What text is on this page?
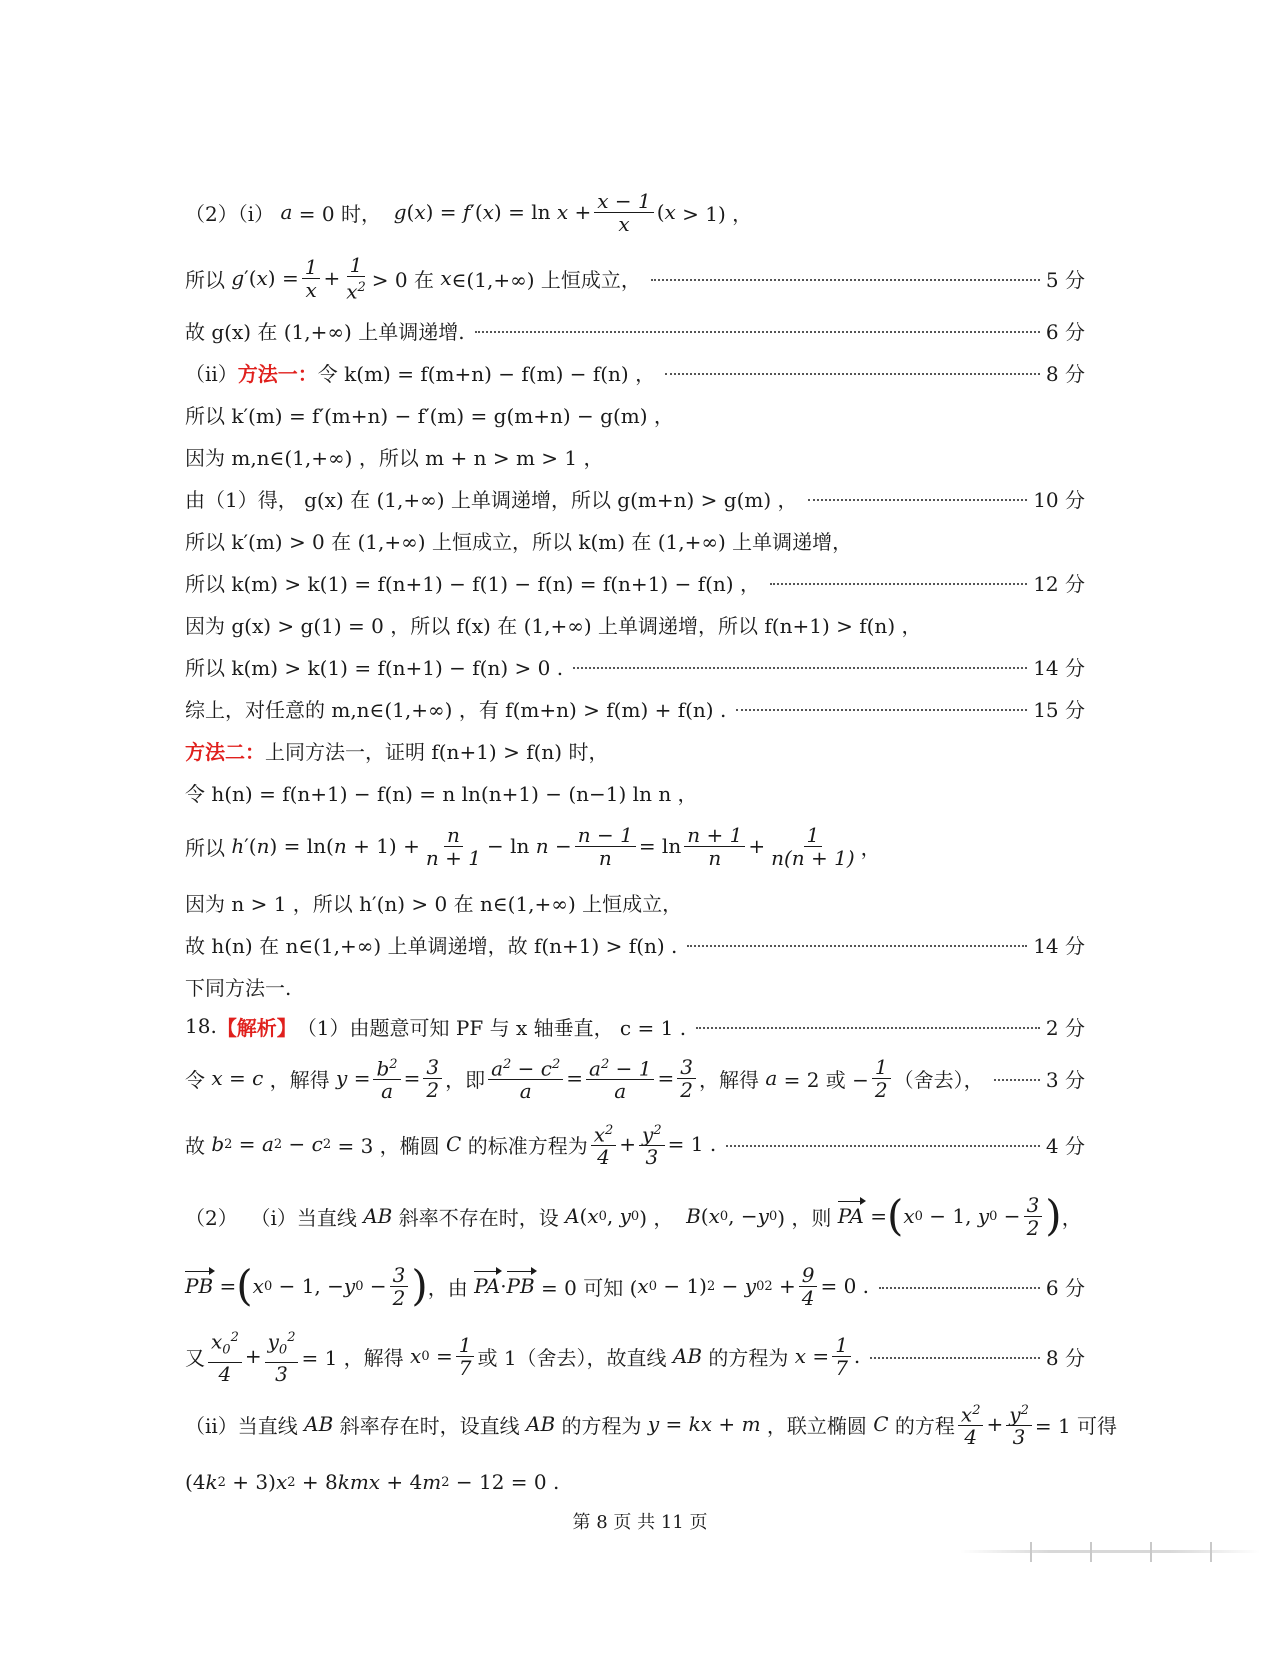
（2）（i） a = 0 时， g ( x ) = f ′( x ) = $\ln x + \frac{x - 1}{x}$ ( x > 1) ，
所以 g ′( x ) = $\frac{1}{x} + \frac{1}{x^2} > 0$ 在 x ∈(1,+∞) 上恒成立，	5 分
故 g(x) 在 (1,+∞) 上单调递增.	6 分
（ii） 方法一： 令 k(m) = f(m+n) − f(m) − f(n) ，	8 分
所以 k′(m) = f′(m+n) − f′(m) = g(m+n) − g(m) ，
因为 m,n∈(1,+∞) ，所以 m + n > m > 1 ，
由（1）得， g(x) 在 (1,+∞) 上单调递增，所以 g(m+n) > g(m) ，	10 分
所以 k′(m) > 0 在 (1,+∞) 上恒成立，所以 k(m) 在 (1,+∞) 上单调递增，
所以 k(m) > k(1) = f(n+1) − f(1) − f(n) = f(n+1) − f(n) ，	12 分
因为 g(x) > g(1) = 0 ，所以 f(x) 在 (1,+∞) 上单调递增，所以 f(n+1) > f(n) ，
所以 k(m) > k(1) = f(n+1) − f(n) > 0 .	14 分
综上，对任意的 m,n∈(1,+∞) ，有 f(m+n) > f(m) + f(n) .	15 分
方法二： 上同方法一，证明 f(n+1) > f(n) 时，
令 h(n) = f(n+1) − f(n) = n ln(n+1) − (n−1) ln n ，
所以 h ′( n ) = ln( $n + 1) + \frac{n}{n + 1} - \ln n - \frac{n - 1}{n} = \ln \frac{n + 1}{n} + \frac{1}{n(n + 1)}$ ，
因为 n > 1 ，所以 h′(n) > 0 在 n∈(1,+∞) 上恒成立，
故 h(n) 在 n∈(1,+∞) 上单调递增，故 f(n+1) > f(n) .	14 分
下同方法一.
18. 【解析】 （1）由题意可知 PF 与 x 轴垂直， c = 1 .	2 分
令 x = c ，解得 $y = \frac{b^2}{a} = \frac{3}{2}$ ，即 $\frac{a^2 - c^2}{a} = \frac{a^2 - 1}{a} = \frac{3}{2}$ ，解得 a = 2 或 − $\frac{1}{2}$ （舍去），	3 分
故 b 2 = a 2 − c 2 = 3 ，椭圆 C 的标准方程为 $\frac{x^2}{4} + \frac{y^2}{3} = 1$ .	4 分
（2）  （i）当直线 AB 斜率不存在时，设 A ( x 0 , y 0 ) ， B ( x 0 , − y 0 ) ，则 PA = ( x 0 − 1, y $0 - \frac{3}{2}$ ) ，
PB = ( x 0 − 1, − y $0 - \frac{3}{2}$ ) ，由 PA · PB = 0 可知 ( x 0 − 1) 2 − y 0 $2 + \frac{9}{4} = 0$ .	6 分
又 $\frac{x_0^2}{4} + \frac{y_0^2}{3} = 1$ ，解得 x $0 = \frac{1}{7}$ 或 1（舍去），故直线 AB 的方程为 $x = \frac{1}{7}$ .	8 分
（ii）当直线 AB 斜率存在时，设直线 AB 的方程为 y = kx + m ，联立椭圆 C 的方程 $\frac{x^2}{4} + \frac{y^2}{3} = 1$ 可得
(4 k 2 + 3) x 2 + 8 kmx + 4 m 2 − 12 = 0 .
第 8 页 共 11 页
